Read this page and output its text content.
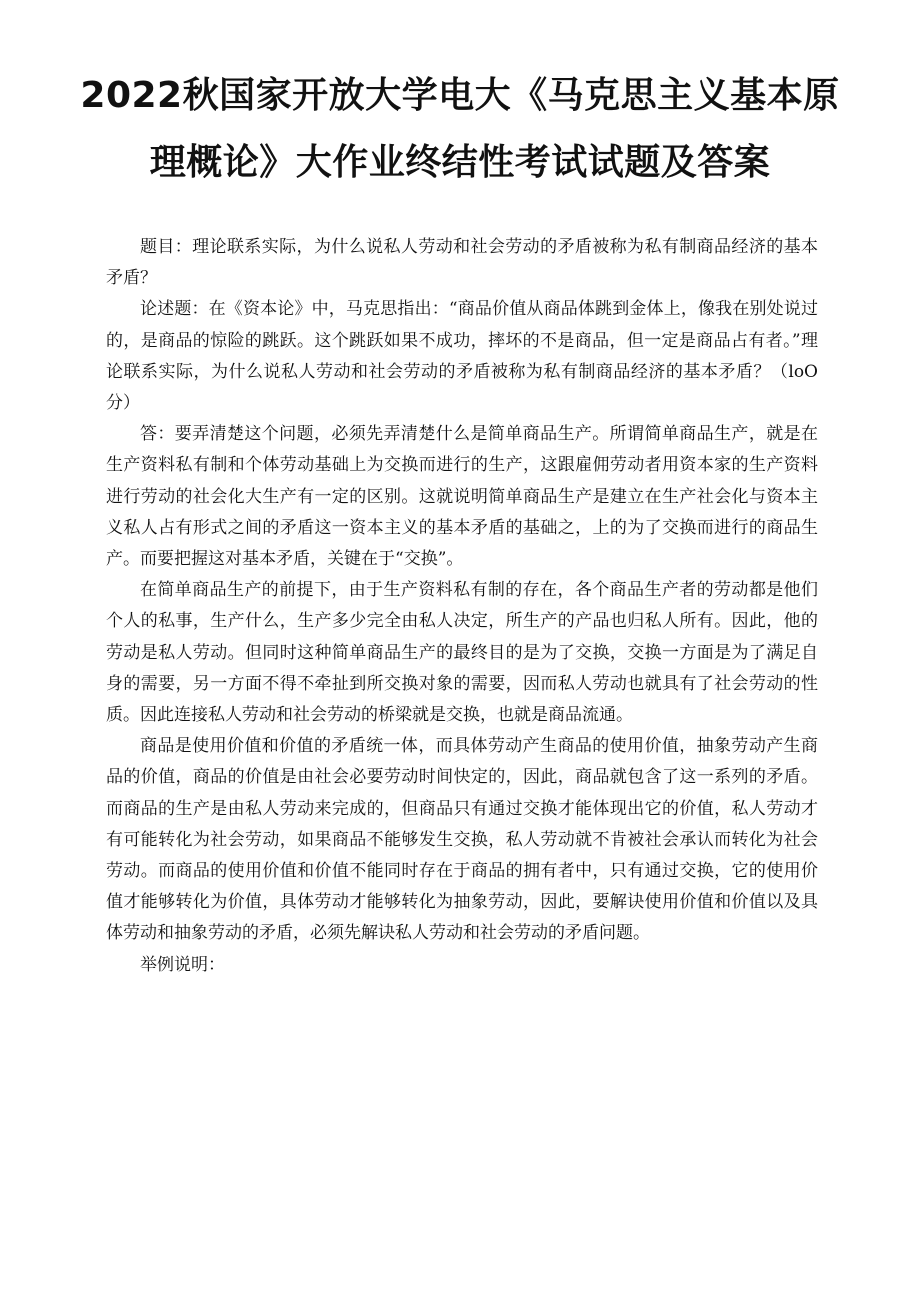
2022秋国家开放大学电大《马克思主义基本原
理概论》大作业终结性考试试题及答案

题目：理论联系实际，为什么说私人劳动和社会劳动的矛盾被称为私有制商品经济的基本矛盾？

论述题：在《资本论》中，马克思指出：“商品价值从商品体跳到金体上，像我在别处说过的，是商品的惊险的跳跃。这个跳跃如果不成功，摔坏的不是商品，但一定是商品占有者。”理论联系实际，为什么说私人劳动和社会劳动的矛盾被称为私有制商品经济的基本矛盾？（loO分）

答：要弄清楚这个问题，必须先弄清楚什么是简单商品生产。所谓简单商品生产，就是在生产资料私有制和个体劳动基础上为交换而进行的生产，这跟雇佣劳动者用资本家的生产资料进行劳动的社会化大生产有一定的区别。这就说明简单商品生产是建立在生产社会化与资本主义私人占有形式之间的矛盾这一资本主义的基本矛盾的基础之，上的为了交换而进行的商品生产。而要把握这对基本矛盾，关键在于“交换”。

在简单商品生产的前提下，由于生产资料私有制的存在，各个商品生产者的劳动都是他们个人的私事，生产什么，生产多少完全由私人决定，所生产的产品也归私人所有。因此，他的劳动是私人劳动。但同时这种简单商品生产的最终目的是为了交换，交换一方面是为了满足自身的需要，另一方面不得不牵扯到所交换对象的需要，因而私人劳动也就具有了社会劳动的性质。因此连接私人劳动和社会劳动的桥梁就是交换，也就是商品流通。

商品是使用价值和价值的矛盾统一体，而具体劳动产生商品的使用价值，抽象劳动产生商品的价值，商品的价值是由社会必要劳动时间快定的，因此，商品就包含了这一系列的矛盾。而商品的生产是由私人劳动来完成的，但商品只有通过交换才能体现出它的价值，私人劳动才有可能转化为社会劳动，如果商品不能够发生交换，私人劳动就不肯被社会承认而转化为社会劳动。而商品的使用价值和价值不能同时存在于商品的拥有者中，只有通过交换，它的使用价值才能够转化为价值，具体劳动才能够转化为抽象劳动，因此，要解诀使用价值和价值以及具体劳动和抽象劳动的矛盾，必须先解诀私人劳动和社会劳动的矛盾问题。

举例说明：
